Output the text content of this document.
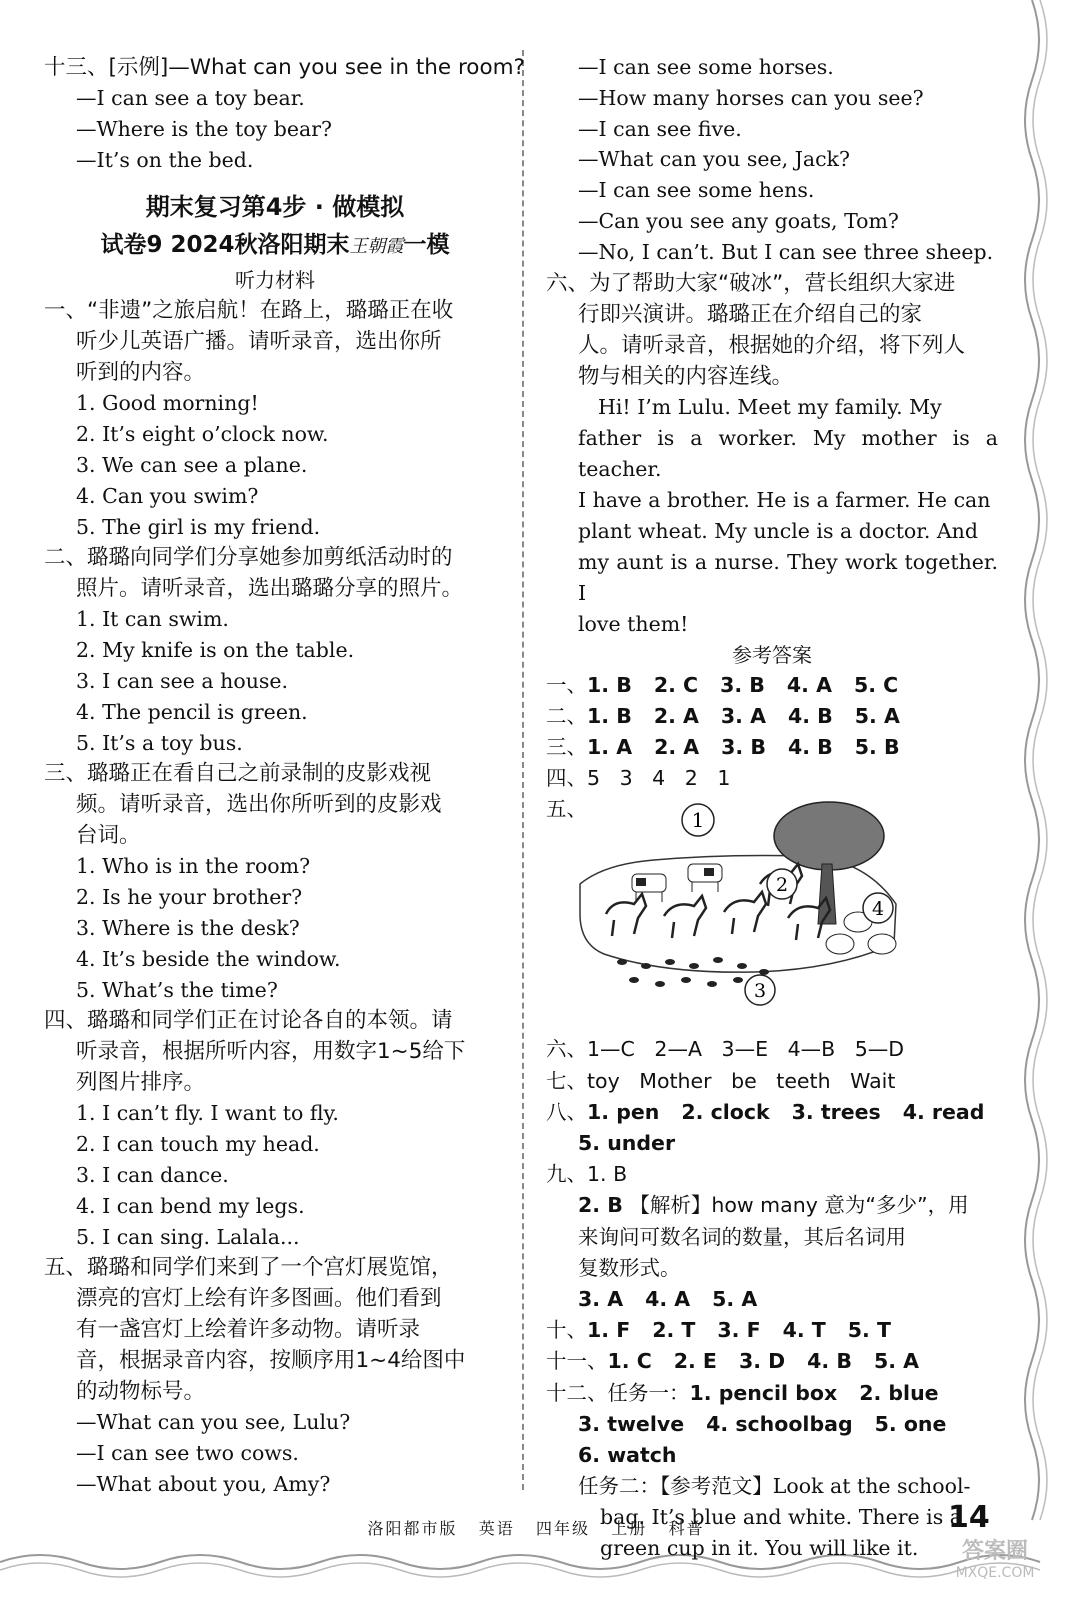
十三、[示例]—What can you see in the room?
—I can see a toy bear.
—Where is the toy bear?
—It’s on the bed.
期末复习第4步 · 做模拟
试卷9 2024秋洛阳期末王朝霞一模
听力材料
一、“非遗”之旅启航！在路上，璐璐正在收
听少儿英语广播。请听录音，选出你所
听到的内容。
1. Good morning!
2. It’s eight o’clock now.
3. We can see a plane.
4. Can you swim?
5. The girl is my friend.
二、璐璐向同学们分享她参加剪纸活动时的
照片。请听录音，选出璐璐分享的照片。
1. It can swim.
2. My knife is on the table.
3. I can see a house.
4. The pencil is green.
5. It’s a toy bus.
三、璐璐正在看自己之前录制的皮影戏视
频。请听录音，选出你所听到的皮影戏
台词。
1. Who is in the room?
2. Is he your brother?
3. Where is the desk?
4. It’s beside the window.
5. What’s the time?
四、璐璐和同学们正在讨论各自的本领。请
听录音，根据所听内容，用数字1~5给下
列图片排序。
1. I can’t fly. I want to fly.
2. I can touch my head.
3. I can dance.
4. I can bend my legs.
5. I can sing. Lalala...
五、璐璐和同学们来到了一个宫灯展览馆，
漂亮的宫灯上绘有许多图画。他们看到
有一盏宫灯上绘着许多动物。请听录
音，根据录音内容，按顺序用1~4给图中
的动物标号。
—What can you see, Lulu?
—I can see two cows.
—What about you, Amy?
—I can see some horses.
—How many horses can you see?
—I can see five.
—What can you see, Jack?
—I can see some hens.
—Can you see any goats, Tom?
—No, I can’t. But I can see three sheep.
六、为了帮助大家“破冰”，营长组织大家进
行即兴演讲。璐璐正在介绍自己的家
人。请听录音，根据她的介绍，将下列人
物与相关的内容连线。
Hi! I’m Lulu. Meet my family. My
father is a worker. My mother is a teacher.
I have a brother. He is a farmer. He can
plant wheat. My uncle is a doctor. And
my aunt is a nurse. They work together. I
love them!
参考答案
一、1. B 2. C 3. B 4. A 5. C
二、1. B 2. A 3. A 4. B 5. A
三、1. A 2. A 3. B 4. B 5. B
四、5   3   4   2   1
五、	1
2
3
4
六、1—C   2—A   3—E   4—B   5—D
七、toy   Mother   be   teeth   Wait
八、1. pen 2. clock 3. trees 4. read
5. under
九、1. B
2. B 【解析】how many 意为“多少”，用
来询问可数名词的数量，其后名词用
复数形式。
3. A 4. A 5. A
十、1. F 2. T 3. F 4. T 5. T
十一、1. C 2. E 3. D 4. B 5. A
十二、任务一：1. pencil box 2. blue
3. twelve 4. schoolbag 5. one
6. watch
任务二：【参考范文】Look at the school-
bag. It’s blue and white. There is a
green cup in it. You will like it.
洛阳都市版   英语   四年级   上册   科普	14
答案圈
MXQE.COM
